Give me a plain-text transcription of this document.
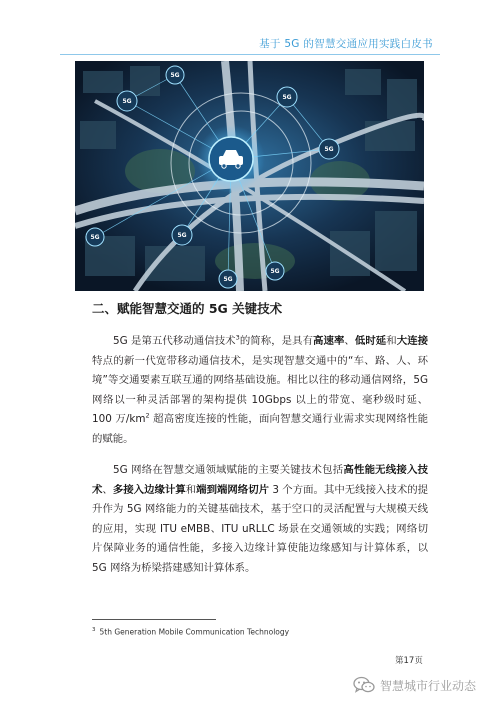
基于 5G 的智慧交通应用实践白皮书
5G
5G
5G
5G
5G
5G
5G
5G
二、赋能智慧交通的 5G 关键技术
5G 是第五代移动通信技术$^3$的简称，是具有高速率、低时延和大连接特点的新一代宽带移动通信技术，是实现智慧交通中的“车、路、人、环境”等交通要素互联互通的网络基础设施。相比以往的移动通信网络，5G 网络以一种灵活部署的架构提供 10Gbps 以上的带宽、毫秒级时延、100 万$/km^2$ 超高密度连接的性能，面向智慧交通行业需求实现网络性能的赋能。
5G 网络在智慧交通领域赋能的主要关键技术包括高性能无线接入技术、多接入边缘计算和端到端网络切片 3 个方面。其中无线接入技术的提升作为 5G 网络能力的关键基础技术，基于空口的灵活配置与大规模天线的应用，实现 ITU eMBB、ITU uRLLC 场景在交通领域的实践；网络切片保障业务的通信性能，多接入边缘计算使能边缘感知与计算体系，以 5G 网络为桥梁搭建感知计算体系。
$^3$ 5th Generation Mobile Communication Technology
第17页
智慧城市行业动态
